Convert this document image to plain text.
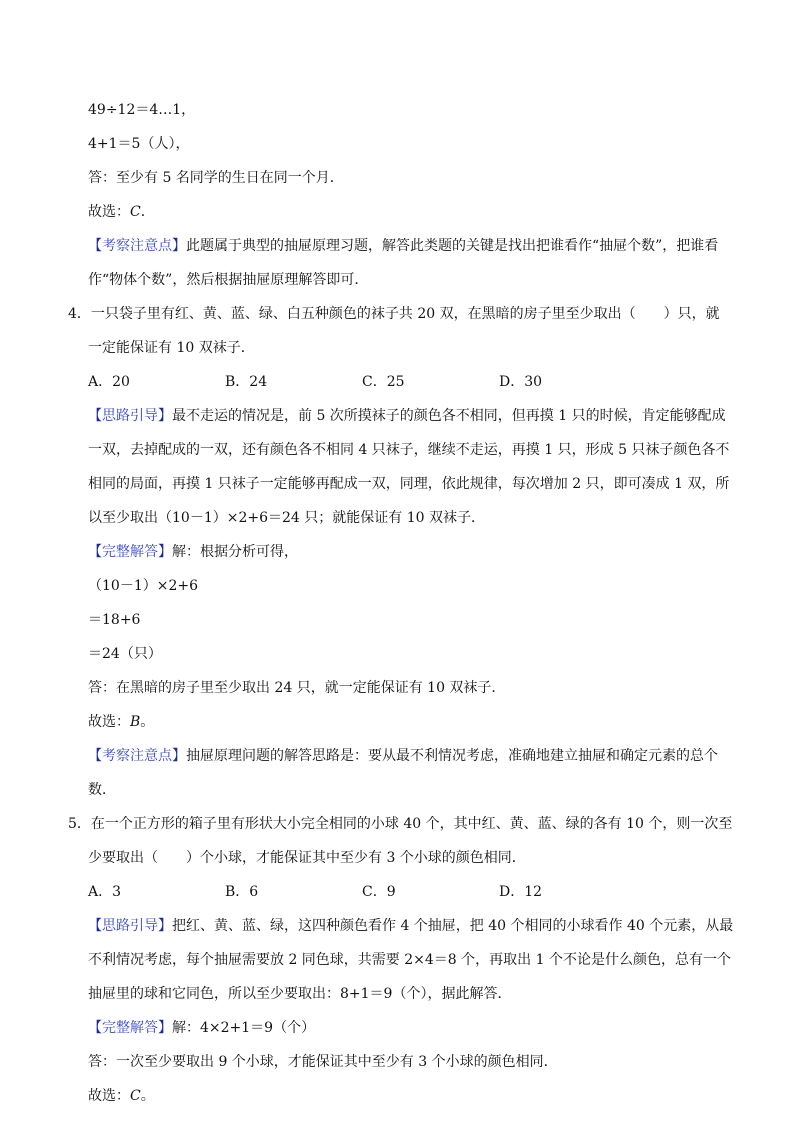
49÷12＝4…1，
4+1＝5（人），
答：至少有 5 名同学的生日在同一个月．
故选：C．
【考察注意点】此题属于典型的抽屉原理习题，解答此类题的关键是找出把谁看作“抽屉个数”，把谁看
作“物体个数”，然后根据抽屉原理解答即可．
4．一只袋子里有红、黄、蓝、绿、白五种颜色的袜子共 20 双，在黑暗的房子里至少取出（　　）只，就
一定能保证有 10 双袜子．
A．20	B．24	C．25	D．30
【思路引导】最不走运的情况是，前 5 次所摸袜子的颜色各不相同，但再摸 1 只的时候，肯定能够配成
一双，去掉配成的一双，还有颜色各不相同 4 只袜子，继续不走运，再摸 1 只，形成 5 只袜子颜色各不
相同的局面，再摸 1 只袜子一定能够再配成一双，同理，依此规律，每次增加 2 只，即可凑成 1 双，所
以至少取出（10－1）×2+6＝24 只；就能保证有 10 双袜子．
【完整解答】解：根据分析可得，
（10－1）×2+6
＝18+6
＝24（只）
答：在黑暗的房子里至少取出 24 只，就一定能保证有 10 双袜子．
故选：B。
【考察注意点】抽屉原理问题的解答思路是：要从最不利情况考虑，准确地建立抽屉和确定元素的总个
数．
5．在一个正方形的箱子里有形状大小完全相同的小球 40 个，其中红、黄、蓝、绿的各有 10 个，则一次至
少要取出（　　）个小球，才能保证其中至少有 3 个小球的颜色相同．
A．3	B．6	C．9	D．12
【思路引导】把红、黄、蓝、绿，这四种颜色看作 4 个抽屉，把 40 个相同的小球看作 40 个元素，从最
不利情况考虑，每个抽屉需要放 2 同色球，共需要 2×4＝8 个，再取出 1 个不论是什么颜色，总有一个
抽屉里的球和它同色，所以至少要取出：8+1＝9（个），据此解答．
【完整解答】解：4×2+1＝9（个）
答：一次至少要取出 9 个小球，才能保证其中至少有 3 个小球的颜色相同．
故选：C。
